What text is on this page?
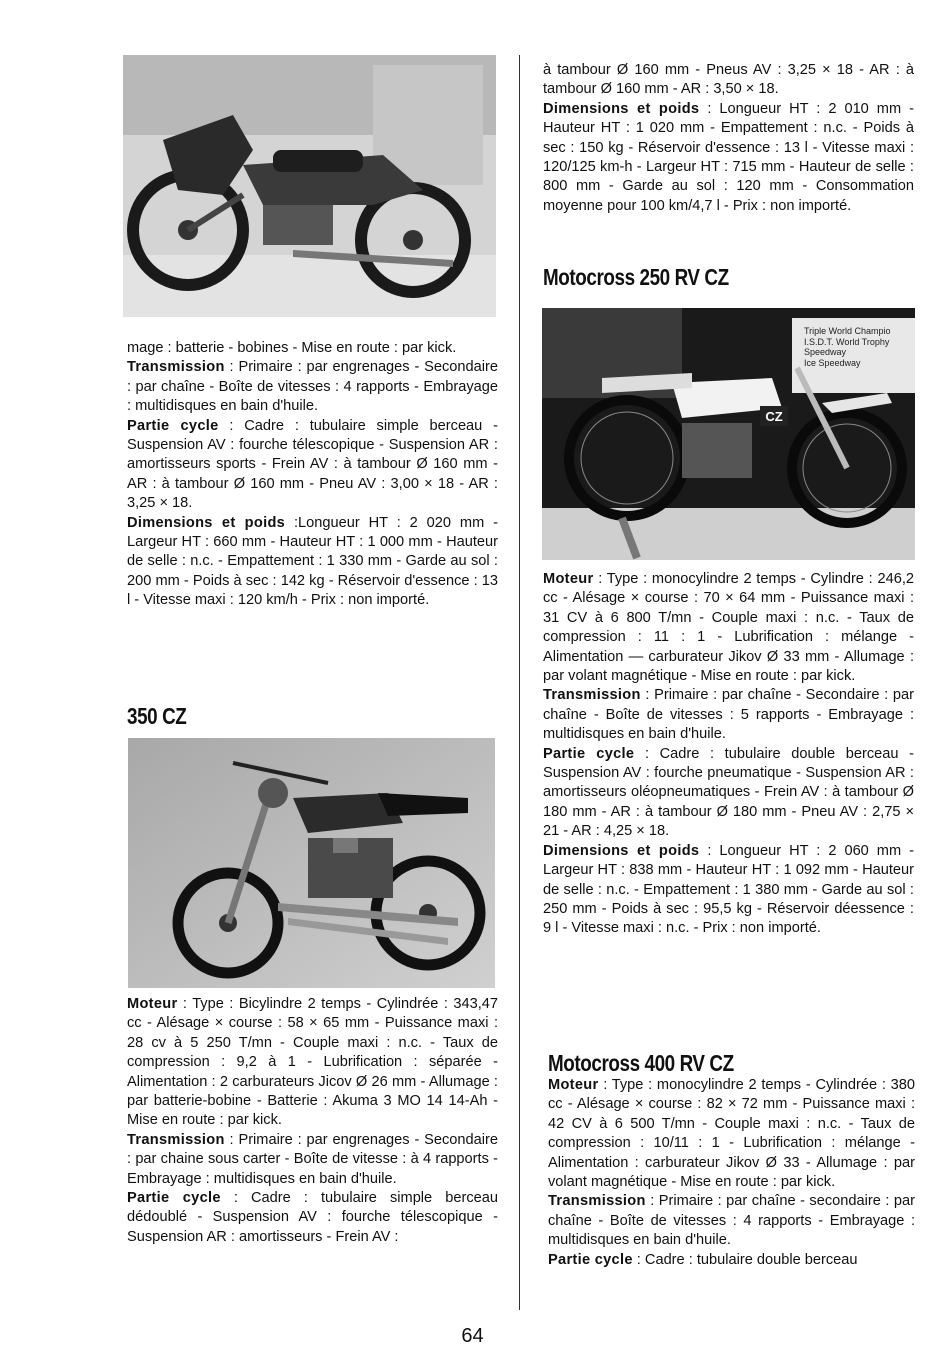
mage : batterie - bobines - Mise en route : par kick.

Transmission : Primaire : par engrenages - Secondaire : par chaîne - Boîte de vitesses : 4 rapports - Embrayage : multidisques en bain d'huile.

Partie cycle : Cadre : tubulaire simple berceau - Suspension AV : fourche télescopique - Suspension AR : amortisseurs sports - Frein AV : à tambour Ø 160 mm - AR : à tambour Ø 160 mm - Pneu AV : 3,00 × 18 - AR : 3,25 × 18.

Dimensions et poids :Longueur HT : 2 020 mm - Largeur HT : 660 mm - Hauteur HT : 1 000 mm - Hauteur de selle : n.c. - Empattement : 1 330 mm - Garde au sol : 200 mm - Poids à sec : 142 kg - Réservoir d'essence : 13 l - Vitesse maxi : 120 km/h - Prix : non importé.

350 CZ

Moteur : Type : Bicylindre 2 temps - Cylindrée : 343,47 cc - Alésage × course : 58 × 65 mm - Puissance maxi : 28 cv à 5 250 T/mn - Couple maxi : n.c. - Taux de compression : 9,2 à 1 - Lubrification : séparée - Alimentation : 2 carburateurs Jicov Ø 26 mm - Allumage : par batterie-bobine - Batterie : Akuma 3 MO 14 14-Ah - Mise en route : par kick.

Transmission : Primaire : par engrenages - Secondaire : par chaine sous carter - Boîte de vitesse : à 4 rapports - Embrayage : multidisques en bain d'huile.

Partie cycle : Cadre : tubulaire simple berceau dédoublé - Suspension AV : fourche télescopique - Suspension AR : amortisseurs - Frein AV :

à tambour Ø 160 mm - Pneus AV : 3,25 × 18 - AR : à tambour Ø 160 mm - AR : 3,50 × 18.

Dimensions et poids : Longueur HT : 2 010 mm - Hauteur HT : 1 020 mm - Empattement : n.c. - Poids à sec : 150 kg - Réservoir d'essence : 13 l - Vitesse maxi : 120/125 km-h - Largeur HT : 715 mm - Hauteur de selle : 800 mm - Garde au sol : 120 mm - Consommation moyenne pour 100 km/4,7 l - Prix : non importé.

Motocross 250 RV CZ
CZ
Triple World Champio
I.S.D.T. World Trophy
Speedway
Ice Speedway

Moteur : Type : monocylindre 2 temps - Cylindre : 246,2 cc - Alésage × course : 70 × 64 mm - Puissance maxi : 31 CV à 6 800 T/mn - Couple maxi : n.c. - Taux de compression : 11 : 1 - Lubrification : mélange - Alimentation — carburateur Jikov Ø 33 mm - Allumage : par volant magnétique - Mise en route : par kick.

Transmission : Primaire : par chaîne - Secondaire : par chaîne - Boîte de vitesses : 5 rapports - Embrayage : multidisques en bain d'huile.

Partie cycle : Cadre : tubulaire double berceau - Suspension AV : fourche pneumatique - Suspension AR : amortisseurs oléopneumatiques - Frein AV : à tambour Ø 180 mm - AR : à tambour Ø 180 mm - Pneu AV : 2,75 × 21 - AR : 4,25 × 18.

Dimensions et poids : Longueur HT : 2 060 mm - Largeur HT : 838 mm - Hauteur HT : 1 092 mm - Hauteur de selle : n.c. - Empattement : 1 380 mm - Garde au sol : 250 mm - Poids à sec : 95,5 kg - Réservoir déessence : 9 l - Vitesse maxi : n.c. - Prix : non importé.

Motocross 400 RV CZ

Moteur : Type : monocylindre 2 temps - Cylindrée : 380 cc - Alésage × course : 82 × 72 mm - Puissance maxi : 42 CV à 6 500 T/mn - Couple maxi : n.c. - Taux de compression : 10/11 : 1 - Lubrification : mélange - Alimentation : carburateur Jikov Ø 33 - Allumage : par volant magnétique - Mise en route : par kick.

Transmission : Primaire : par chaîne - secondaire : par chaîne - Boîte de vitesses : 4 rapports - Embrayage : multidisques en bain d'huile.

Partie cycle : Cadre : tubulaire double berceau

64
